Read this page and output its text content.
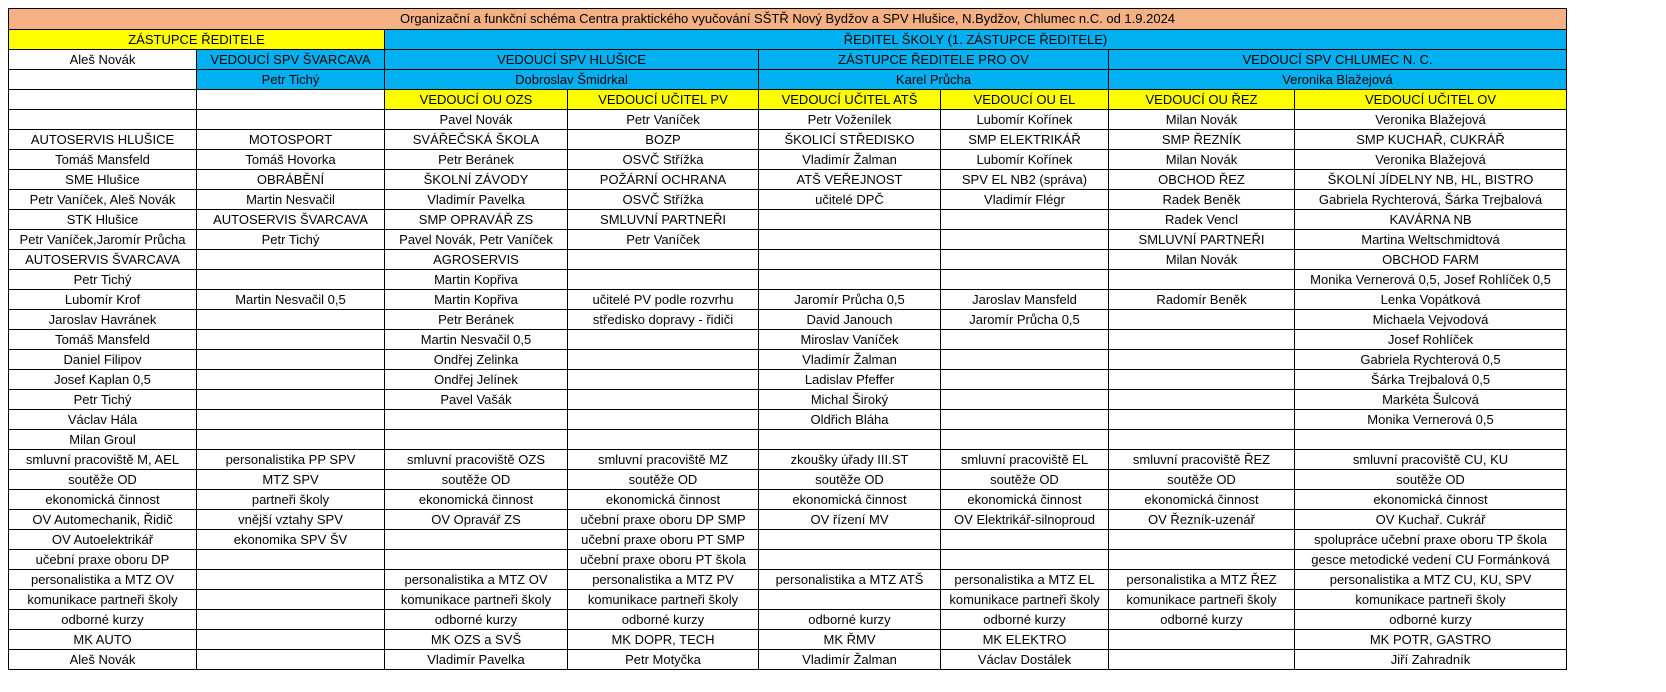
Organizační a funkční schéma Centra praktického vyučování SŠTŘ Nový Bydžov a SPV Hlušice, N.Bydžov, Chlumec n.C. od 1.9.2024							
ZÁSTUPCE ŘEDITELE		ŘEDITEL ŠKOLY (1. ZÁSTUPCE ŘEDITELE)					
Aleš Novák	VEDOUCÍ SPV ŠVARCAVA	VEDOUCÍ SPV HLUŠICE		ZÁSTUPCE ŘEDITELE PRO OV		VEDOUCÍ SPV CHLUMEC N. C.	
	Petr Tichý	Dobroslav Šmidrkal		Karel Průcha		Veronika Blažejová	
		VEDOUCÍ OU OZS	VEDOUCÍ UČITEL PV	VEDOUCÍ UČITEL ATŠ	VEDOUCÍ OU EL	VEDOUCÍ OU ŘEZ	VEDOUCÍ UČITEL OV
		Pavel Novák	Petr Vaníček	Petr Voženílek	Lubomír Kořínek	Milan Novák	Veronika Blažejová
AUTOSERVIS HLUŠICE	MOTOSPORT	SVÁŘEČSKÁ ŠKOLA	BOZP	ŠKOLICÍ STŘEDISKO	SMP ELEKTRIKÁŘ	SMP ŘEZNÍK	SMP KUCHAŘ, CUKRÁŘ
Tomáš Mansfeld	Tomáš Hovorka	Petr Beránek	OSVČ Střížka	Vladimír Žalman	Lubomír Kořínek	Milan Novák	Veronika Blažejová
SME Hlušice	OBRÁBĚNÍ	ŠKOLNÍ ZÁVODY	POŽÁRNÍ OCHRANA	ATŠ VEŘEJNOST	SPV EL NB2 (správa)	OBCHOD ŘEZ	ŠKOLNÍ JÍDELNY NB, HL, BISTRO
Petr Vaníček, Aleš Novák	Martin Nesvačil	Vladimír Pavelka	OSVČ Střížka	učitelé DPČ	Vladimír Flégr	Radek Beněk	Gabriela Rychterová, Šárka Trejbalová
STK Hlušice	AUTOSERVIS ŠVARCAVA	SMP OPRAVÁŘ ZS	SMLUVNÍ PARTNEŘI			Radek Vencl	KAVÁRNA NB
Petr Vaníček,Jaromír Průcha	Petr Tichý	Pavel Novák, Petr Vaníček	Petr Vaníček			SMLUVNÍ PARTNEŘI	Martina Weltschmidtová
AUTOSERVIS ŠVARCAVA		AGROSERVIS				Milan Novák	OBCHOD FARM
Petr Tichý		Martin Kopřiva					Monika Vernerová 0,5, Josef Rohlíček 0,5
Lubomír Krof	Martin Nesvačil 0,5	Martin Kopřiva	učitelé PV podle rozvrhu	Jaromír Průcha 0,5	Jaroslav Mansfeld	Radomír Beněk	Lenka Vopátková
Jaroslav Havránek		Petr Beránek	středisko dopravy - řidiči	David Janouch	Jaromír Průcha 0,5		Michaela Vejvodová
Tomáš Mansfeld		Martin Nesvačil 0,5		Miroslav Vaníček			Josef Rohlíček
Daniel Filipov		Ondřej Zelinka		Vladimír Žalman			Gabriela Rychterová 0,5
Josef Kaplan 0,5		Ondřej Jelínek		Ladislav Pfeffer			Šárka Trejbalová 0,5
Petr Tichý		Pavel Vašák		Michal Široký			Markéta Šulcová
Václav Hála				Oldřich Bláha			Monika Vernerová 0,5
Milan Groul							
smluvní pracoviště M, AEL	personalistika PP SPV	smluvní pracoviště OZS	smluvní pracoviště MZ	zkoušky úřady III.ST	smluvní pracoviště EL	smluvní pracoviště ŘEZ	smluvní pracoviště CU, KU
soutěže OD	MTZ SPV	soutěže OD	soutěže OD	soutěže OD	soutěže OD	soutěže OD	soutěže OD
ekonomická činnost	partneři školy	ekonomická činnost	ekonomická činnost	ekonomická činnost	ekonomická činnost	ekonomická činnost	ekonomická činnost
OV Automechanik, Řidič	vnější vztahy SPV	OV Opravář ZS	učební praxe oboru DP SMP	OV řízení MV	OV Elektrikář-silnoproud	OV Řezník-uzenář	OV Kuchař. Cukrář
OV Autoelektrikář	ekonomika SPV ŠV		učební praxe oboru PT SMP				spolupráce učební praxe oboru TP škola
učební praxe oboru DP			učební praxe oboru PT škola				gesce metodické vedení CU Formánková
personalistika a MTZ OV		personalistika a MTZ OV	personalistika a MTZ PV	personalistika a MTZ ATŠ	personalistika a MTZ EL	personalistika a MTZ ŘEZ	personalistika a MTZ CU, KU, SPV
komunikace partneři školy		komunikace partneři školy	komunikace partneři školy		komunikace partneři školy	komunikace partneři školy	komunikace partneři školy
odborné kurzy		odborné kurzy	odborné kurzy	odborné kurzy	odborné kurzy	odborné kurzy	odborné kurzy
MK AUTO		MK OZS a SVŠ	MK DOPR, TECH	MK ŘMV	MK ELEKTRO		MK POTR, GASTRO
Aleš Novák		Vladimír Pavelka	Petr Motyčka	Vladimír Žalman	Václav Dostálek		Jiří Zahradník
